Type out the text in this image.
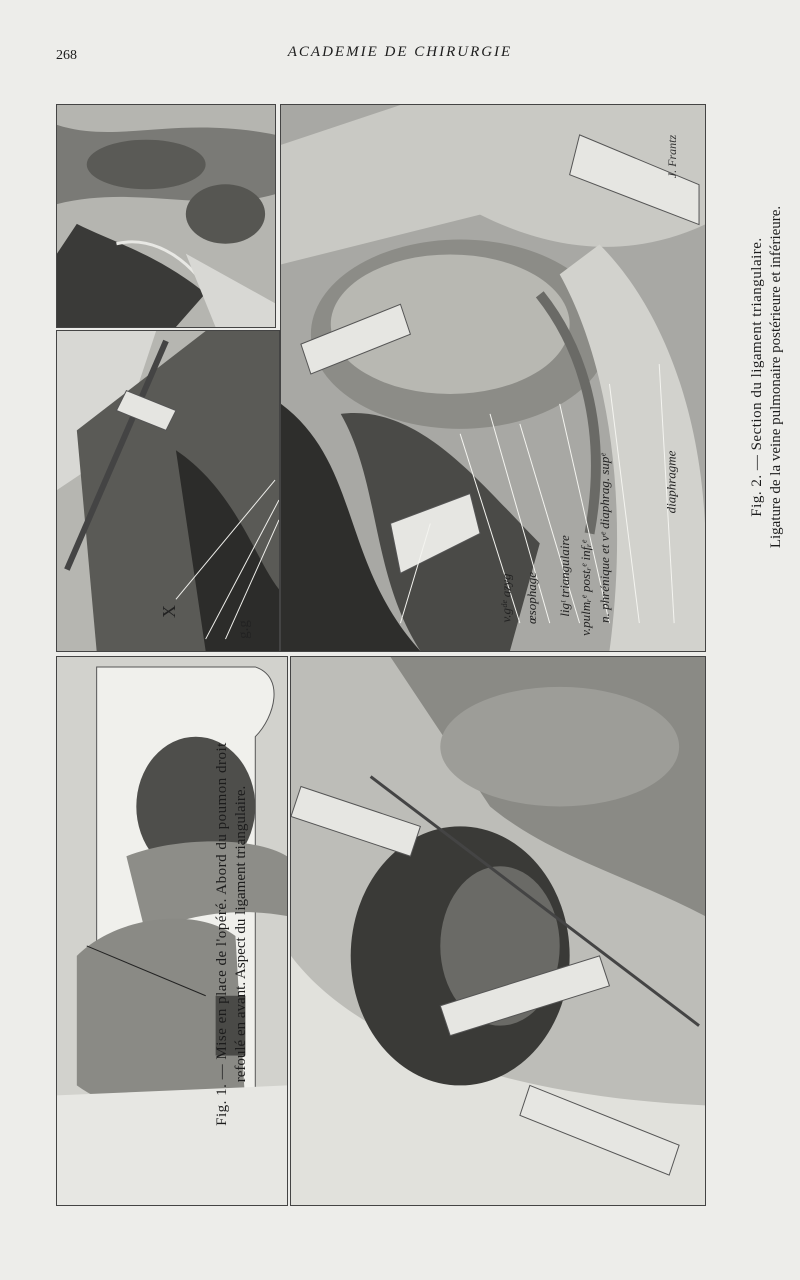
268	ACADEMIE DE CHIRURGIE
J. Frantz
X
g.g
v.gᵈᵉ azyg œsophage ligᵗ triangulaire v.pulmᵣᵉ postᵣᵉ infᵣᵉ n. phrénique et vᵉ diaphrag. supᵉ	diaphragme	Fig. 2. — Section du ligament triangulaire. Ligature de la veine pulmonaire postérieure et inférieure.
Fig. 1. — Mise en place de l'opéré. Abord du poumon droit refoulé en avant. Aspect du ligament triangulaire.
